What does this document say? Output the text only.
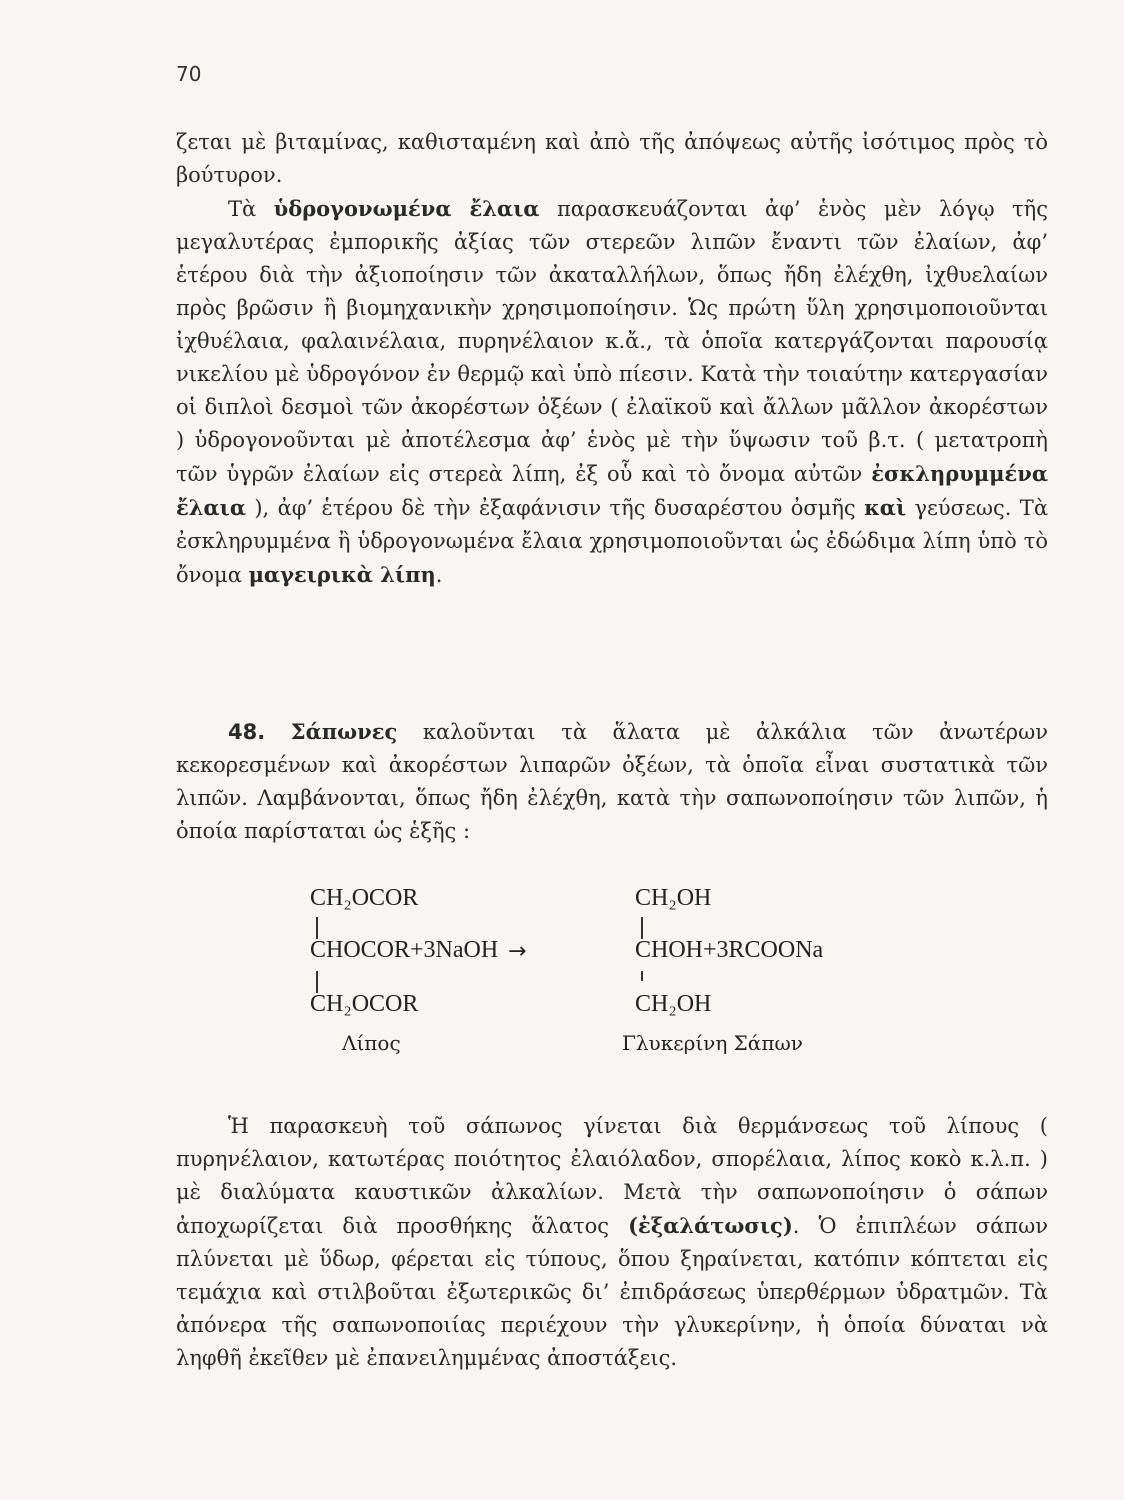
70

ζεται μὲ βιταμίνας, καθισταμένη καὶ ἀπὸ τῆς ἀπόψεως αὐτῆς ἰσότιμος πρὸς τὸ βούτυρον.

Τὰ ὑδρογονωμένα ἔλαια παρασκευάζονται ἀφ’ ἑνὸς μὲν λόγῳ τῆς μεγαλυτέρας ἐμπορικῆς ἀξίας τῶν στερεῶν λιπῶν ἔναντι τῶν ἐλαίων, ἀφ’ ἑτέρου διὰ τὴν ἀξιοποίησιν τῶν ἀκαταλλήλων, ὅπως ἤδη ἐλέχθη, ἰχθυελαίων πρὸς βρῶσιν ἢ βιομηχανικὴν χρησιμοποίησιν. Ὡς πρώτη ὕλη χρησιμοποιοῦνται ἰχθυέλαια, φαλαινέλαια, πυρηνέλαιον κ.ἄ., τὰ ὁποῖα κατεργάζονται παρουσίᾳ νικελίου μὲ ὑδρογόνον ἐν θερμῷ καὶ ὑπὸ πίεσιν. Κατὰ τὴν τοιαύτην κατεργασίαν οἱ διπλοὶ δεσμοὶ τῶν ἀκορέστων ὀξέων ( ἐλαϊκοῦ καὶ ἄλλων μᾶλλον ἀκορέστων ) ὑδρογονοῦνται μὲ ἀποτέλεσμα ἀφ’ ἑνὸς μὲ τὴν ὕψωσιν τοῦ β.τ. ( μετατροπὴ τῶν ὑγρῶν ἐλαίων εἰς στερεὰ λίπη, ἐξ οὗ καὶ τὸ ὄνομα αὐτῶν ἐσκληρυμμένα ἔλαια ), ἀφ’ ἑτέρου δὲ τὴν ἐξαφάνισιν τῆς δυσαρέστου ὀσμῆς καὶ γεύσεως. Τὰ ἐσκληρυμμένα ἢ ὑδρογονωμένα ἔλαια χρησιμοποιοῦνται ὡς ἐδώδιμα λίπη ὑπὸ τὸ ὄνομα μαγειρικὰ λίπη.

48. Σάπωνες καλοῦνται τὰ ἅλατα μὲ ἀλκάλια τῶν ἀνωτέρων κεκορεσμένων καὶ ἀκορέστων λιπαρῶν ὀξέων, τὰ ὁποῖα εἶναι συστατικὰ τῶν λιπῶν. Λαμβάνονται, ὅπως ἤδη ἐλέχθη, κατὰ τὴν σαπωνοποίησιν τῶν λιπῶν, ἡ ὁποία παρίσταται ὡς ἑξῆς :

CH₂OCOR
CHOCOR+3NaOH →
CH₂OCOR
Λίπος
CH₂OH
CHOH+3RCOONa
CH₂OH
Γλυκερίνη Σάπων

Ἡ παρασκευὴ τοῦ σάπωνος γίνεται διὰ θερμάνσεως τοῦ λίπους ( πυρηνέλαιον, κατωτέρας ποιότητος ἐλαιόλαδον, σπορέλαια, λίπος κοκὸ κ.λ.π. ) μὲ διαλύματα καυστικῶν ἀλκαλίων. Μετὰ τὴν σαπωνοποίησιν ὁ σάπων ἀποχωρίζεται διὰ προσθήκης ἅλατος (ἐξαλάτωσις). Ὁ ἐπιπλέων σάπων πλύνεται μὲ ὕδωρ, φέρεται εἰς τύπους, ὅπου ξηραίνεται, κατόπιν κόπτεται εἰς τεμάχια καὶ στιλβοῦται ἐξωτερικῶς δι’ ἐπιδράσεως ὑπερθέρμων ὑδρατμῶν. Τὰ ἀπόνερα τῆς σαπωνοποιίας περιέχουν τὴν γλυκερίνην, ἡ ὁποία δύναται νὰ ληφθῆ ἐκεῖθεν μὲ ἐπανειλημμένας ἀποστάξεις.
